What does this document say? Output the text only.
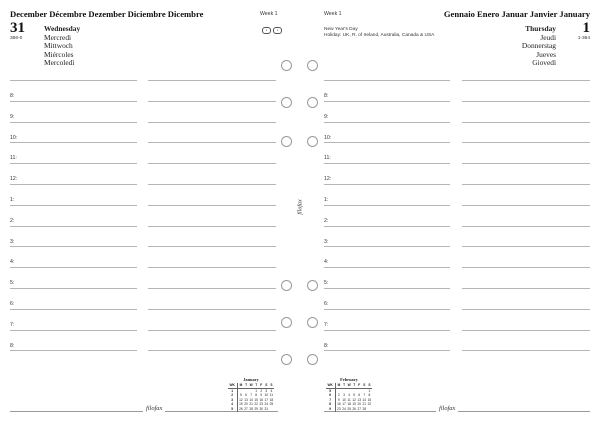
December Décembre Dezember Diciembre Dicembre	Week 1
31
366-0
Wednesday
Mercredi
Mittwoch
Miércoles
Mercoledì
◐	◑
8:
9:
10:
11:
12:
1:
2:
3:
4:
5:
6:
7:
8:
filofax
Week 1	Gennaio Enero Januar Janvier January
1
1-364
New Year's Day
Holiday: UK, R. of Ireland, Australia, Canada & USA
Thursday
Jeudi
Donnerstag
Jueves
Giovedì
8:
9:
10:
11:
12:
1:
2:
3:
4:
5:
6:
7:
8:
filofax
filofax
January
WK	M	T	W	T	F	S	S
1				1	2	3	4
2	5	6	7	8	9	10	11
3	12	13	14	15	16	17	18
4	19	20	21	22	23	24	25
5	26	27	28	29	30	31	
February
WK	M	T	W	T	F	S	S
5							1
6	2	3	4	5	6	7	8
7	9	10	11	12	13	14	15
8	16	17	18	19	20	21	22
9	23	24	25	26	27	28	
